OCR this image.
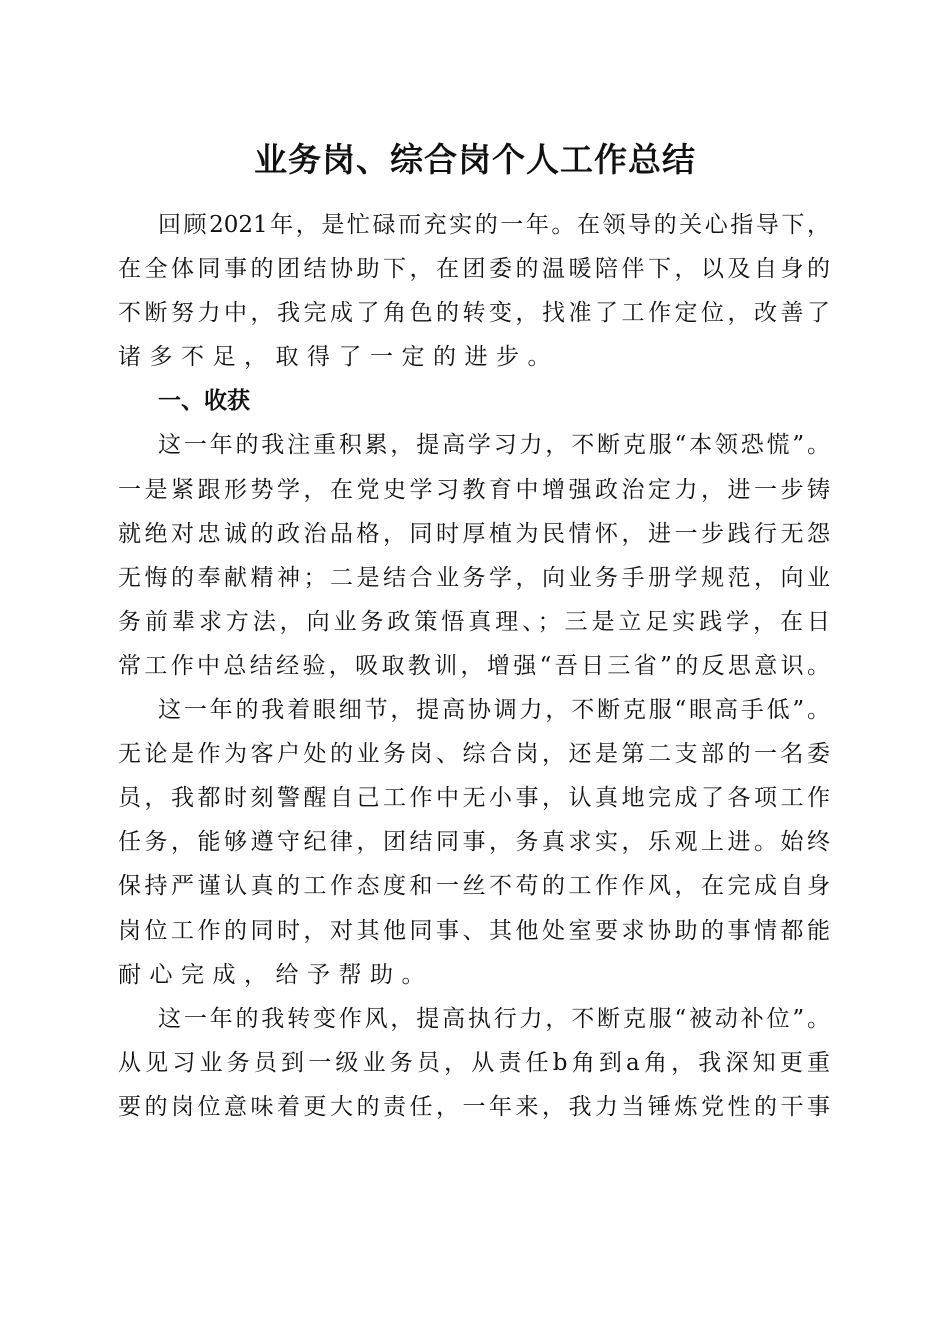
业务岗、综合岗个人工作总结
回顾2021年，是忙碌而充实的一年。在领导的关心指导下，
在全体同事的团结协助下，在团委的温暖陪伴下，以及自身的
不断努力中，我完成了角色的转变，找准了工作定位，改善了
诸多不足，取得了一定的进步。
一、收获
这一年的我注重积累，提高学习力，不断克服“本领恐慌”。
一是紧跟形势学，在党史学习教育中增强政治定力，进一步铸
就绝对忠诚的政治品格，同时厚植为民情怀，进一步践行无怨
无悔的奉献精神；二是结合业务学，向业务手册学规范，向业
务前辈求方法，向业务政策悟真理、；三是立足实践学，在日
常工作中总结经验，吸取教训，增强“吾日三省”的反思意识。
这一年的我着眼细节，提高协调力，不断克服“眼高手低”。
无论是作为客户处的业务岗、综合岗，还是第二支部的一名委
员，我都时刻警醒自己工作中无小事，认真地完成了各项工作
任务，能够遵守纪律，团结同事，务真求实，乐观上进。始终
保持严谨认真的工作态度和一丝不苟的工作作风，在完成自身
岗位工作的同时，对其他同事、其他处室要求协助的事情都能
耐心完成，给予帮助。
这一年的我转变作风，提高执行力，不断克服“被动补位”。
从见习业务员到一级业务员，从责任b角到a角，我深知更重
要的岗位意味着更大的责任，一年来，我力当锤炼党性的干事
